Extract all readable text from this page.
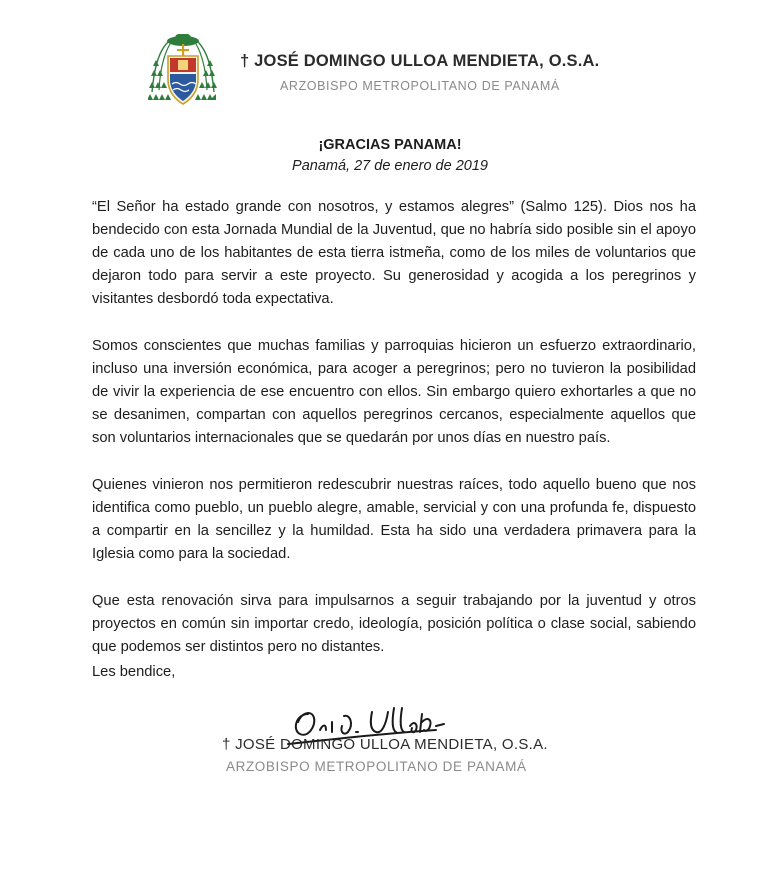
† JOSÉ DOMINGO ULLOA MENDIETA, O.S.A.

ARZOBISPO METROPOLITANO DE PANAMÁ

¡GRACIAS PANAMA!

Panamá, 27 de enero de 2019

“El Señor ha estado grande con nosotros, y estamos alegres” (Salmo 125). Dios nos ha bendecido con esta Jornada Mundial de la Juventud, que no habría sido posible sin el apoyo de cada uno de los habitantes de esta tierra istmeña, como de los miles de voluntarios que dejaron todo para servir a este proyecto. Su generosidad y acogida a los peregrinos y visitantes desbordó toda expectativa.

Somos conscientes que muchas familias y parroquias hicieron un esfuerzo extraordinario, incluso una inversión económica, para acoger a peregrinos; pero no tuvieron la posibilidad de vivir la experiencia de ese encuentro con ellos. Sin embargo quiero exhortarles a que no se desanimen, compartan con aquellos peregrinos cercanos, especialmente aquellos que son voluntarios internacionales que se quedarán por unos días en nuestro país.

Quienes vinieron nos permitieron redescubrir nuestras raíces, todo aquello bueno que nos identifica como pueblo, un pueblo alegre, amable, servicial y con una profunda fe, dispuesto a compartir en la sencillez y la humildad. Esta ha sido una verdadera primavera para la Iglesia como para la sociedad.

Que esta renovación sirva para impulsarnos a seguir trabajando por la juventud y otros proyectos en común sin importar credo, ideología, posición política o clase social, sabiendo que podemos ser distintos pero no distantes.

Les bendice,

† JOSÉ DOMINGO ULLOA MENDIETA, O.S.A.

ARZOBISPO METROPOLITANO DE PANAMÁ
